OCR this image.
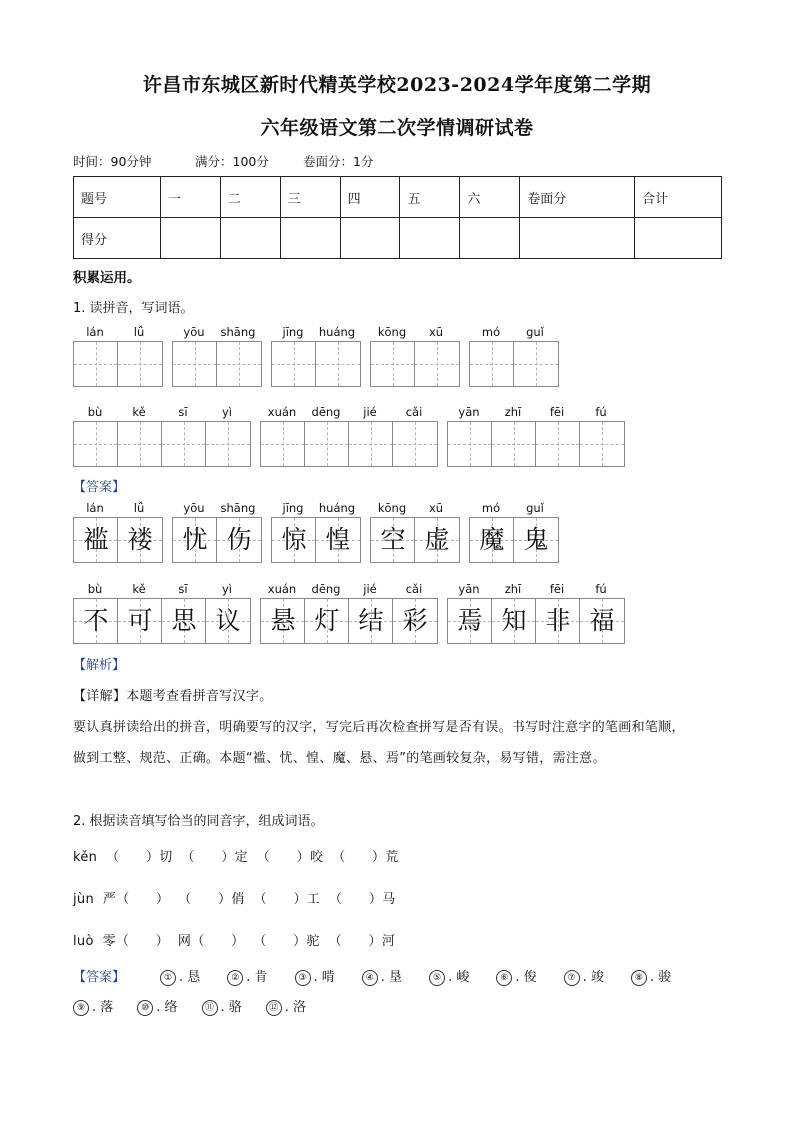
许昌市东城区新时代精英学校2023-2024学年度第二学期
六年级语文第二次学情调研试卷
时间：90分钟	满分：100分	卷面分：1分
题号	一	二	三	四	五	六	卷面分	合计
得分								
积累运用。
1. 读拼音，写词语。
lán	lǚ	yōu	shāng	jīng	huáng	kōng	xū	mó	guǐ
bù	kě	sī	yì	xuán	dēng	jié	cǎi	yān	zhī	fēi	fú
【答案】
lán	lǚ
褴 褛
yōu	shāng
忧 伤
jīng	huáng
惊 惶
kōng	xū
空 虚
mó	guǐ
魔 鬼
bù	kě	sī	yì
不 可 思 议
xuán	dēng	jié	cǎi
悬 灯 结 彩
yān	zhī	fēi	fú
焉 知 非 福
【解析】
【详解】本题考查看拼音写汉字。
要认真拼读给出的拼音，明确要写的汉字，写完后再次检查拼写是否有误。书写时注意字的笔画和笔顺，
做到工整、规范、正确。本题“褴、忧、惶、魔、悬、焉”的笔画较复杂，易写错，需注意。
2. 根据读音填写恰当的同音字，组成词语。
kěn  （      ）切  （      ）定  （      ）咬  （      ）荒
jùn  严（      ）  （      ）俏  （      ）工  （      ）马
luò  零（      ）  网（      ）  （      ）驼  （      ）河
【答案】	① . 恳	② . 肯	③ . 啃	④ . 垦	⑤ . 峻	⑥ . 俊	⑦ . 竣	⑧ . 骏
⑨ . 落	⑩ . 络	⑪ . 骆	⑫ . 洛
